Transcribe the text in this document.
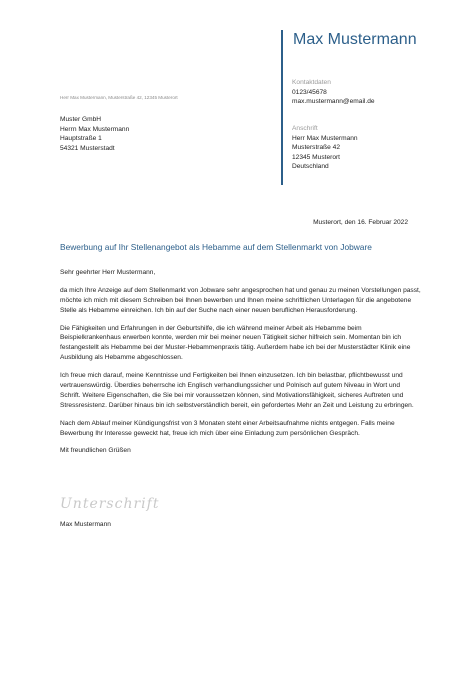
Max Mustermann
Kontaktdaten
0123/45678
max.mustermann@email.de
Anschrift
Herr Max Mustermann
Musterstraße 42
12345 Musterort
Deutschland
Herr Max Mustermann, Musterstraße 42, 12345 Musterort
Muster GmbH
Herrn Max Mustermann
Hauptstraße 1
54321 Musterstadt
Musterort, den 16. Februar 2022
Bewerbung auf Ihr Stellenangebot als Hebamme auf dem Stellenmarkt von Jobware

Sehr geehrter Herr Mustermann,

da mich Ihre Anzeige auf dem Stellenmarkt von Jobware sehr angesprochen hat und genau zu meinen Vorstellungen passt, möchte ich mich mit diesem Schreiben bei Ihnen bewerben und Ihnen meine schriftlichen Unterlagen für die angebotene Stelle als Hebamme einreichen. Ich bin auf der Suche nach einer neuen beruflichen Herausforderung.

Die Fähigkeiten und Erfahrungen in der Geburtshilfe, die ich während meiner Arbeit als Hebamme beim Beispielkrankenhaus erwerben konnte, werden mir bei meiner neuen Tätigkeit sicher hilfreich sein. Momentan bin ich festangestellt als Hebamme bei der Muster-Hebammenpraxis tätig. Außerdem habe ich bei der Musterstädter Klinik eine Ausbildung als Hebamme abgeschlossen.

Ich freue mich darauf, meine Kenntnisse und Fertigkeiten bei Ihnen einzusetzen. Ich bin belastbar, pflichtbewusst und vertrauenswürdig. Überdies beherrsche ich Englisch verhandlungssicher und Polnisch auf gutem Niveau in Wort und Schrift. Weitere Eigenschaften, die Sie bei mir voraussetzen können, sind Motivationsfähigkeit, sicheres Auftreten und Stressresistenz. Darüber hinaus bin ich selbstverständlich bereit, ein gefordertes Mehr an Zeit und Leistung zu erbringen.

Nach dem Ablauf meiner Kündigungsfrist von 3 Monaten steht einer Arbeitsaufnahme nichts entgegen. Falls meine Bewerbung Ihr Interesse geweckt hat, freue ich mich über eine Einladung zum persönlichen Gespräch.

Mit freundlichen Grüßen

Unterschrift
Max Mustermann
